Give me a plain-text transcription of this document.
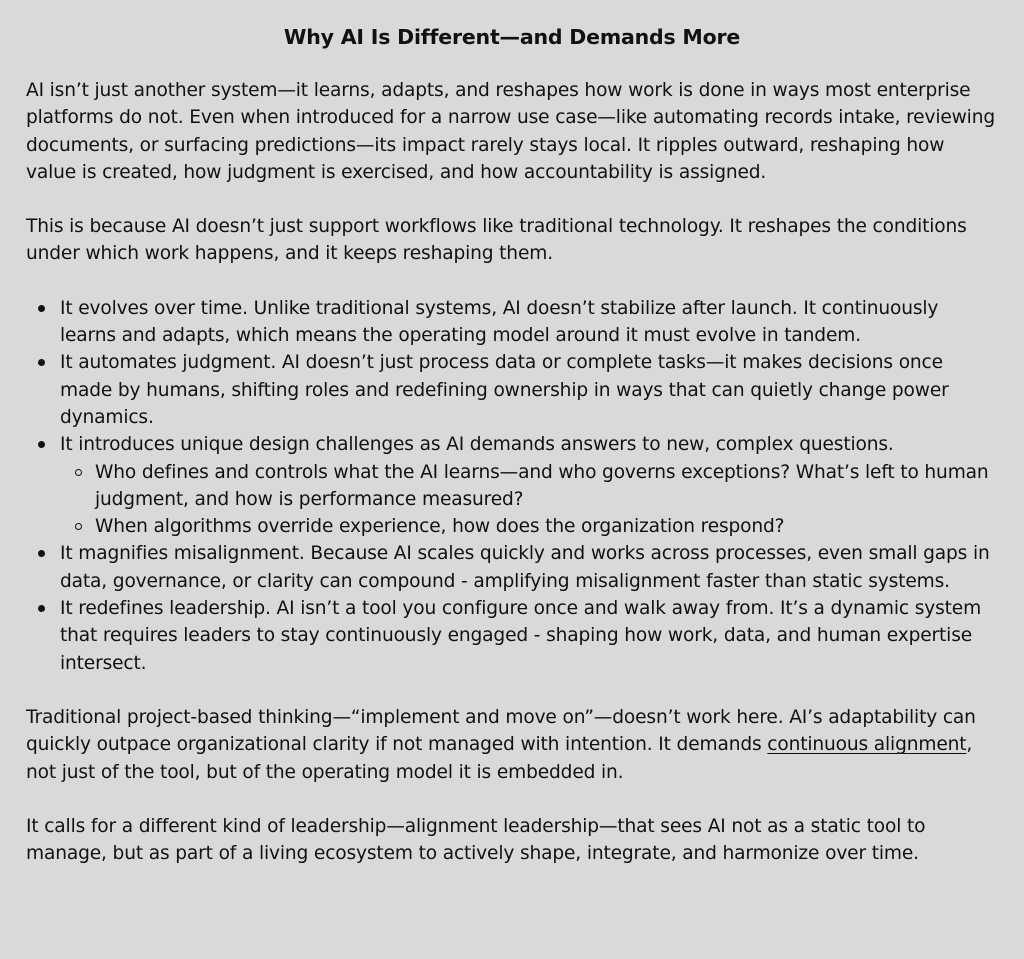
Why AI Is Different—and Demands More

AI isn’t just another system—it learns, adapts, and reshapes how work is done in ways most enterprise platforms do not. Even when introduced for a narrow use case—like automating records intake, reviewing documents, or surfacing predictions—its impact rarely stays local. It ripples outward, reshaping how value is created, how judgment is exercised, and how accountability is assigned.

This is because AI doesn’t just support workflows like traditional technology. It reshapes the conditions under which work happens, and it keeps reshaping them.

It evolves over time. Unlike traditional systems, AI doesn’t stabilize after launch. It continuously learns and adapts, which means the operating model around it must evolve in tandem.
It automates judgment. AI doesn’t just process data or complete tasks—it makes decisions once made by humans, shifting roles and redefining ownership in ways that can quietly change power dynamics.
It introduces unique design challenges as AI demands answers to new, complex questions.
Who defines and controls what the AI learns—and who governs exceptions? What’s left to human judgment, and how is performance measured?
When algorithms override experience, how does the organization respond?
It magnifies misalignment. Because AI scales quickly and works across processes, even small gaps in data, governance, or clarity can compound - amplifying misalignment faster than static systems.
It redefines leadership. AI isn’t a tool you configure once and walk away from. It’s a dynamic system that requires leaders to stay continuously engaged - shaping how work, data, and human expertise intersect.

Traditional project-based thinking—“implement and move on”—doesn’t work here. AI’s adaptability can quickly outpace organizational clarity if not managed with intention. It demands continuous alignment, not just of the tool, but of the operating model it is embedded in.

It calls for a different kind of leadership—alignment leadership—that sees AI not as a static tool to manage, but as part of a living ecosystem to actively shape, integrate, and harmonize over time.
